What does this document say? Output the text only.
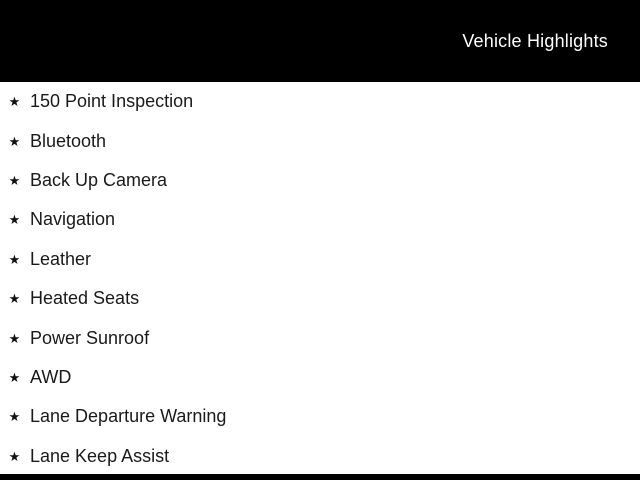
Vehicle Highlights
★ 150 Point Inspection
★ Bluetooth
★ Back Up Camera
★ Navigation
★ Leather
★ Heated Seats
★ Power Sunroof
★ AWD
★ Lane Departure Warning
★ Lane Keep Assist
